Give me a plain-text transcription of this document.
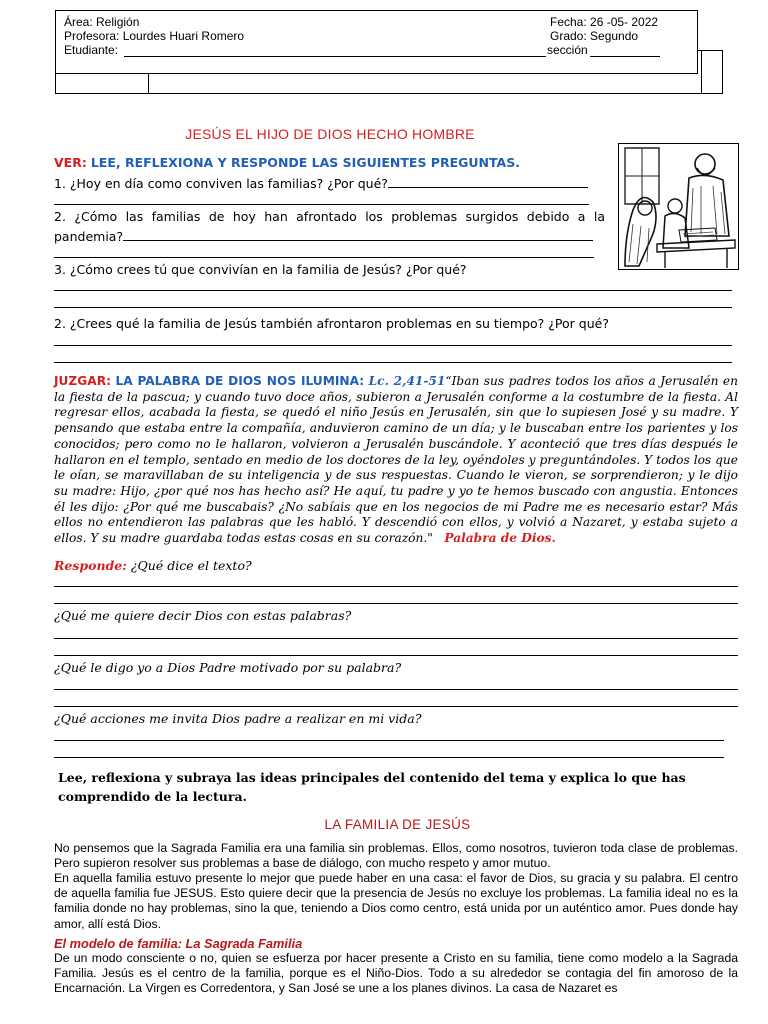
Área: Religión	Fecha: 26 -05- 2022
Profesora: Lourdes Huari Romero	Grado: Segundo
Etudiante:	sección
JESÚS EL HIJO DE DIOS HECHO HOMBRE
VER: LEE, REFLEXIONA Y RESPONDE LAS SIGUIENTES PREGUNTAS.
1. ¿Hoy en día como conviven las familias? ¿Por qué?
2. ¿Cómo las familias de hoy han afrontado los problemas surgidos debido a la
pandemia?
3. ¿Cómo crees tú que convivían en la familia de Jesús? ¿Por qué?
2. ¿Crees qué la familia de Jesús también afrontaron problemas en su tiempo? ¿Por qué?
JUZGAR: LA PALABRA DE DIOS NOS ILUMINA: Lc. 2,41-51“Iban sus padres todos los años a Jerusalén en la fiesta de la pascua; y cuando tuvo doce años, subieron a Jerusalén conforme a la costumbre de la fiesta. Al regresar ellos, acabada la fiesta, se quedó el niño Jesús en Jerusalén, sin que lo supiesen José y su madre. Y pensando que estaba entre la compañía, anduvieron camino de un día; y le buscaban entre los parientes y los conocidos; pero como no le hallaron, volvieron a Jerusalén buscándole. Y aconteció que tres días después le hallaron en el templo, sentado en medio de los doctores de la ley, oyéndoles y preguntándoles. Y todos los que le oían, se maravillaban de su inteligencia y de sus respuestas. Cuando le vieron, se sorprendieron; y le dijo su madre: Hijo, ¿por qué nos has hecho así? He aquí, tu padre y yo te hemos buscado con angustia. Entonces él les dijo: ¿Por qué me buscabais? ¿No sabíais que en los negocios de mi Padre me es necesario estar? Más ellos no entendieron las palabras que les habló. Y descendió con ellos, y volvió a Nazaret, y estaba sujeto a ellos. Y su madre guardaba todas estas cosas en su corazón." Palabra de Dios.
Responde: ¿Qué dice el texto?
¿Qué me quiere decir Dios con estas palabras?
¿Qué le digo yo a Dios Padre motivado por su palabra?
¿Qué acciones me invita Dios padre a realizar en mi vida?
Lee, reflexiona y subraya las ideas principales del contenido del tema y explica lo que has comprendido de la lectura.
LA FAMILIA DE JESÚS
No pensemos que la Sagrada Familia era una familia sin problemas. Ellos, como nosotros, tuvieron toda clase de problemas. Pero supieron resolver sus problemas a base de diálogo, con mucho respeto y amor mutuo.
En aquella familia estuvo presente lo mejor que puede haber en una casa: el favor de Dios, su gracia y su palabra. El centro de aquella familia fue JESUS. Esto quiere decir que la presencia de Jesús no excluye los problemas. La familia ideal no es la familia donde no hay problemas, sino la que, teniendo a Dios como centro, está unida por un auténtico amor. Pues donde hay amor, allí está Dios.
El modelo de familia: La Sagrada Familia
De un modo consciente o no, quien se esfuerza por hacer presente a Cristo en su familia, tiene como modelo a la Sagrada Familia. Jesús es el centro de la familia, porque es el Niño-Dios. Todo a su alrededor se contagia del fin amoroso de la Encarnación. La Virgen es Corredentora, y San José se une a los planes divinos. La casa de Nazaret es
